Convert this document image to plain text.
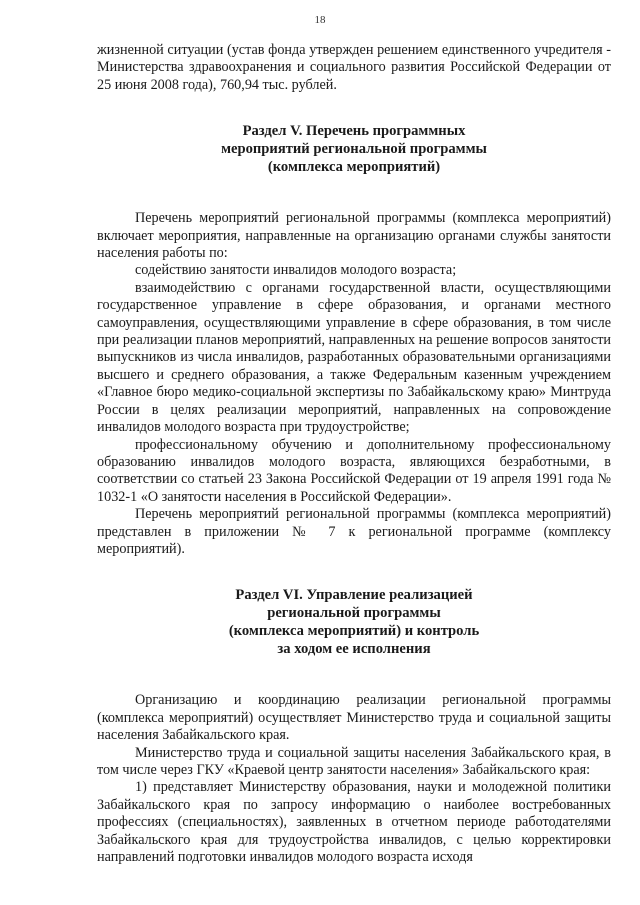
18

жизненной ситуации (устав фонда утвержден решением единственного учредителя - Министерства здравоохранения и социального развития Российской Федерации от 25 июня 2008 года), 760,94 тыс. рублей.

Раздел V. Перечень программных
мероприятий региональной программы
(комплекса мероприятий)

Перечень мероприятий региональной программы (комплекса мероприятий) включает мероприятия, направленные на организацию органами службы занятости населения работы по:

содействию занятости инвалидов молодого возраста;

взаимодействию с органами государственной власти, осуществляющими государственное управление в сфере образования, и органами местного самоуправления, осуществляющими управление в сфере образования, в том числе при реализации планов мероприятий, направленных на решение вопросов занятости выпускников из числа инвалидов, разработанных образовательными организациями высшего и среднего образования, а также Федеральным казенным учреждением «Главное бюро медико-социальной экспертизы по Забайкальскому краю» Минтруда России в целях реализации мероприятий, направленных на сопровождение инвалидов молодого возраста при трудоустройстве;

профессиональному обучению и дополнительному профессиональному образованию инвалидов молодого возраста, являющихся безработными, в соответствии со статьей 23 Закона Российской Федерации от 19 апреля 1991 года № 1032-1 «О занятости населения в Российской Федерации».

Перечень мероприятий региональной программы (комплекса мероприятий) представлен в приложении № 7 к региональной программе (комплексу мероприятий).

Раздел VI. Управление реализацией
региональной программы
(комплекса мероприятий) и контроль
за ходом ее исполнения

Организацию и координацию реализации региональной программы (комплекса мероприятий) осуществляет Министерство труда и социальной защиты населения Забайкальского края.

Министерство труда и социальной защиты населения Забайкальского края, в том числе через ГКУ «Краевой центр занятости населения» Забайкальского края:

1) представляет Министерству образования, науки и молодежной политики Забайкальского края по запросу информацию о наиболее востребованных профессиях (специальностях), заявленных в отчетном периоде работодателями Забайкальского края для трудоустройства инвалидов, с целью корректировки направлений подготовки инвалидов молодого возраста исходя
